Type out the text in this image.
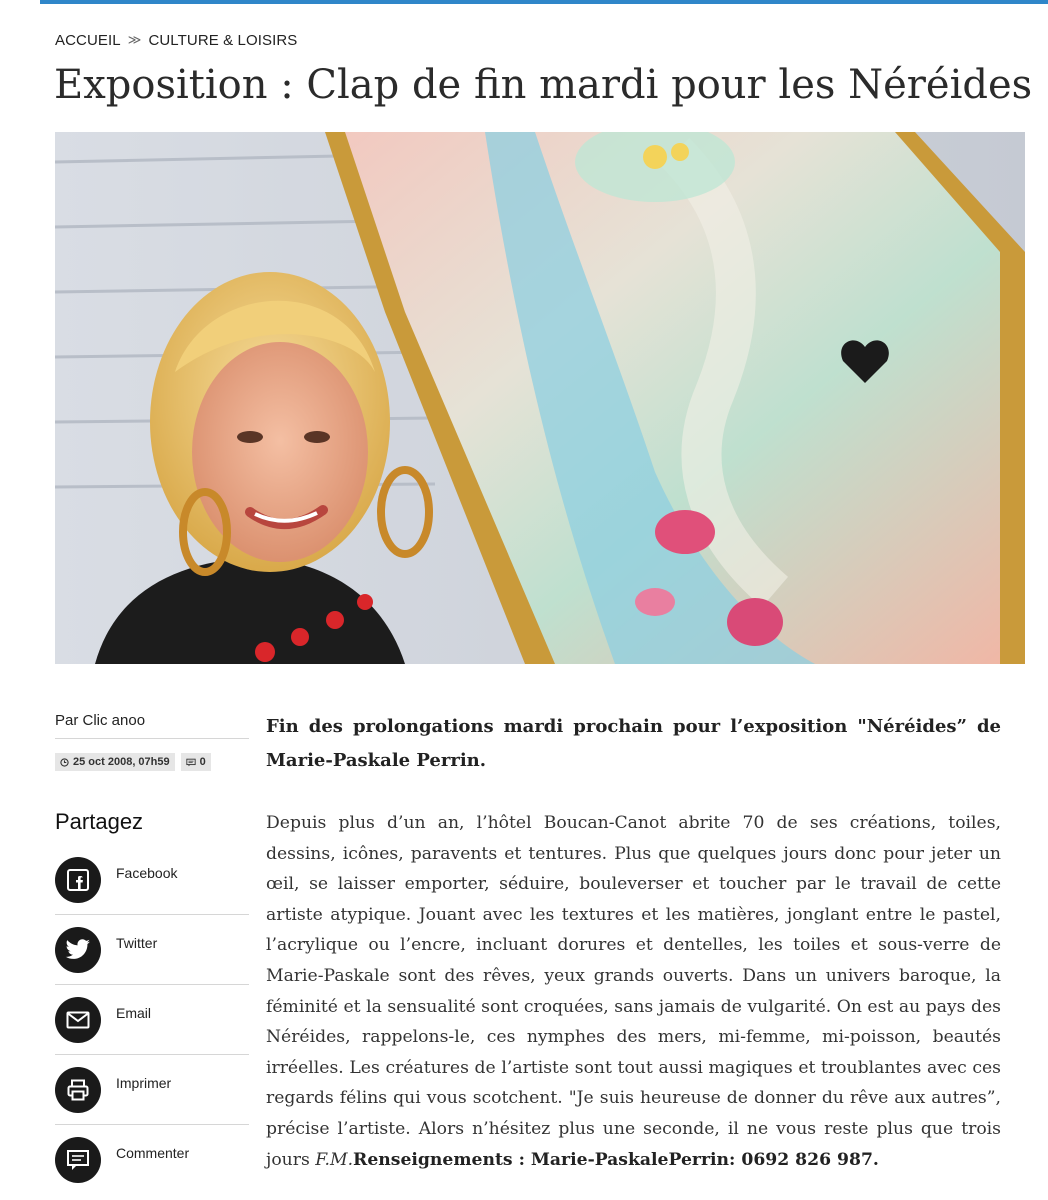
ACCUEIL ≫ CULTURE & LOISIRS
Exposition : Clap de fin mardi pour les Néréides
Par Clic anoo
25 oct 2008, 07h59	0
Partagez
Facebook
Twitter
Email
Imprimer
Commenter

Fin des prolongations mardi prochain pour l’exposition "Néréides” de Marie-Paskale Perrin.

Depuis plus d’un an, l’hôtel Boucan-Canot abrite 70 de ses créations, toiles, dessins, icônes, paravents et tentures. Plus que quelques jours donc pour jeter un œil, se laisser emporter, séduire, bouleverser et toucher par le travail de cette artiste atypique. Jouant avec les textures et les matières, jonglant entre le pastel, l’acrylique ou l’encre, incluant dorures et dentelles, les toiles et sous-verre de Marie-Paskale sont des rêves, yeux grands ouverts. Dans un univers baroque, la féminité et la sensualité sont croquées, sans jamais de vulgarité. On est au pays des Néréides, rappelons-le, ces nymphes des mers, mi-femme, mi-poisson, beautés irréelles. Les créatures de l’artiste sont tout aussi magiques et troublantes avec ces regards félins qui vous scotchent. "Je suis heureuse de donner du rêve aux autres”, précise l’artiste. Alors n’hésitez plus une seconde, il ne vous reste plus que trois jours F.M.Renseignements : Marie-PaskalePerrin: 0692 826 987.
